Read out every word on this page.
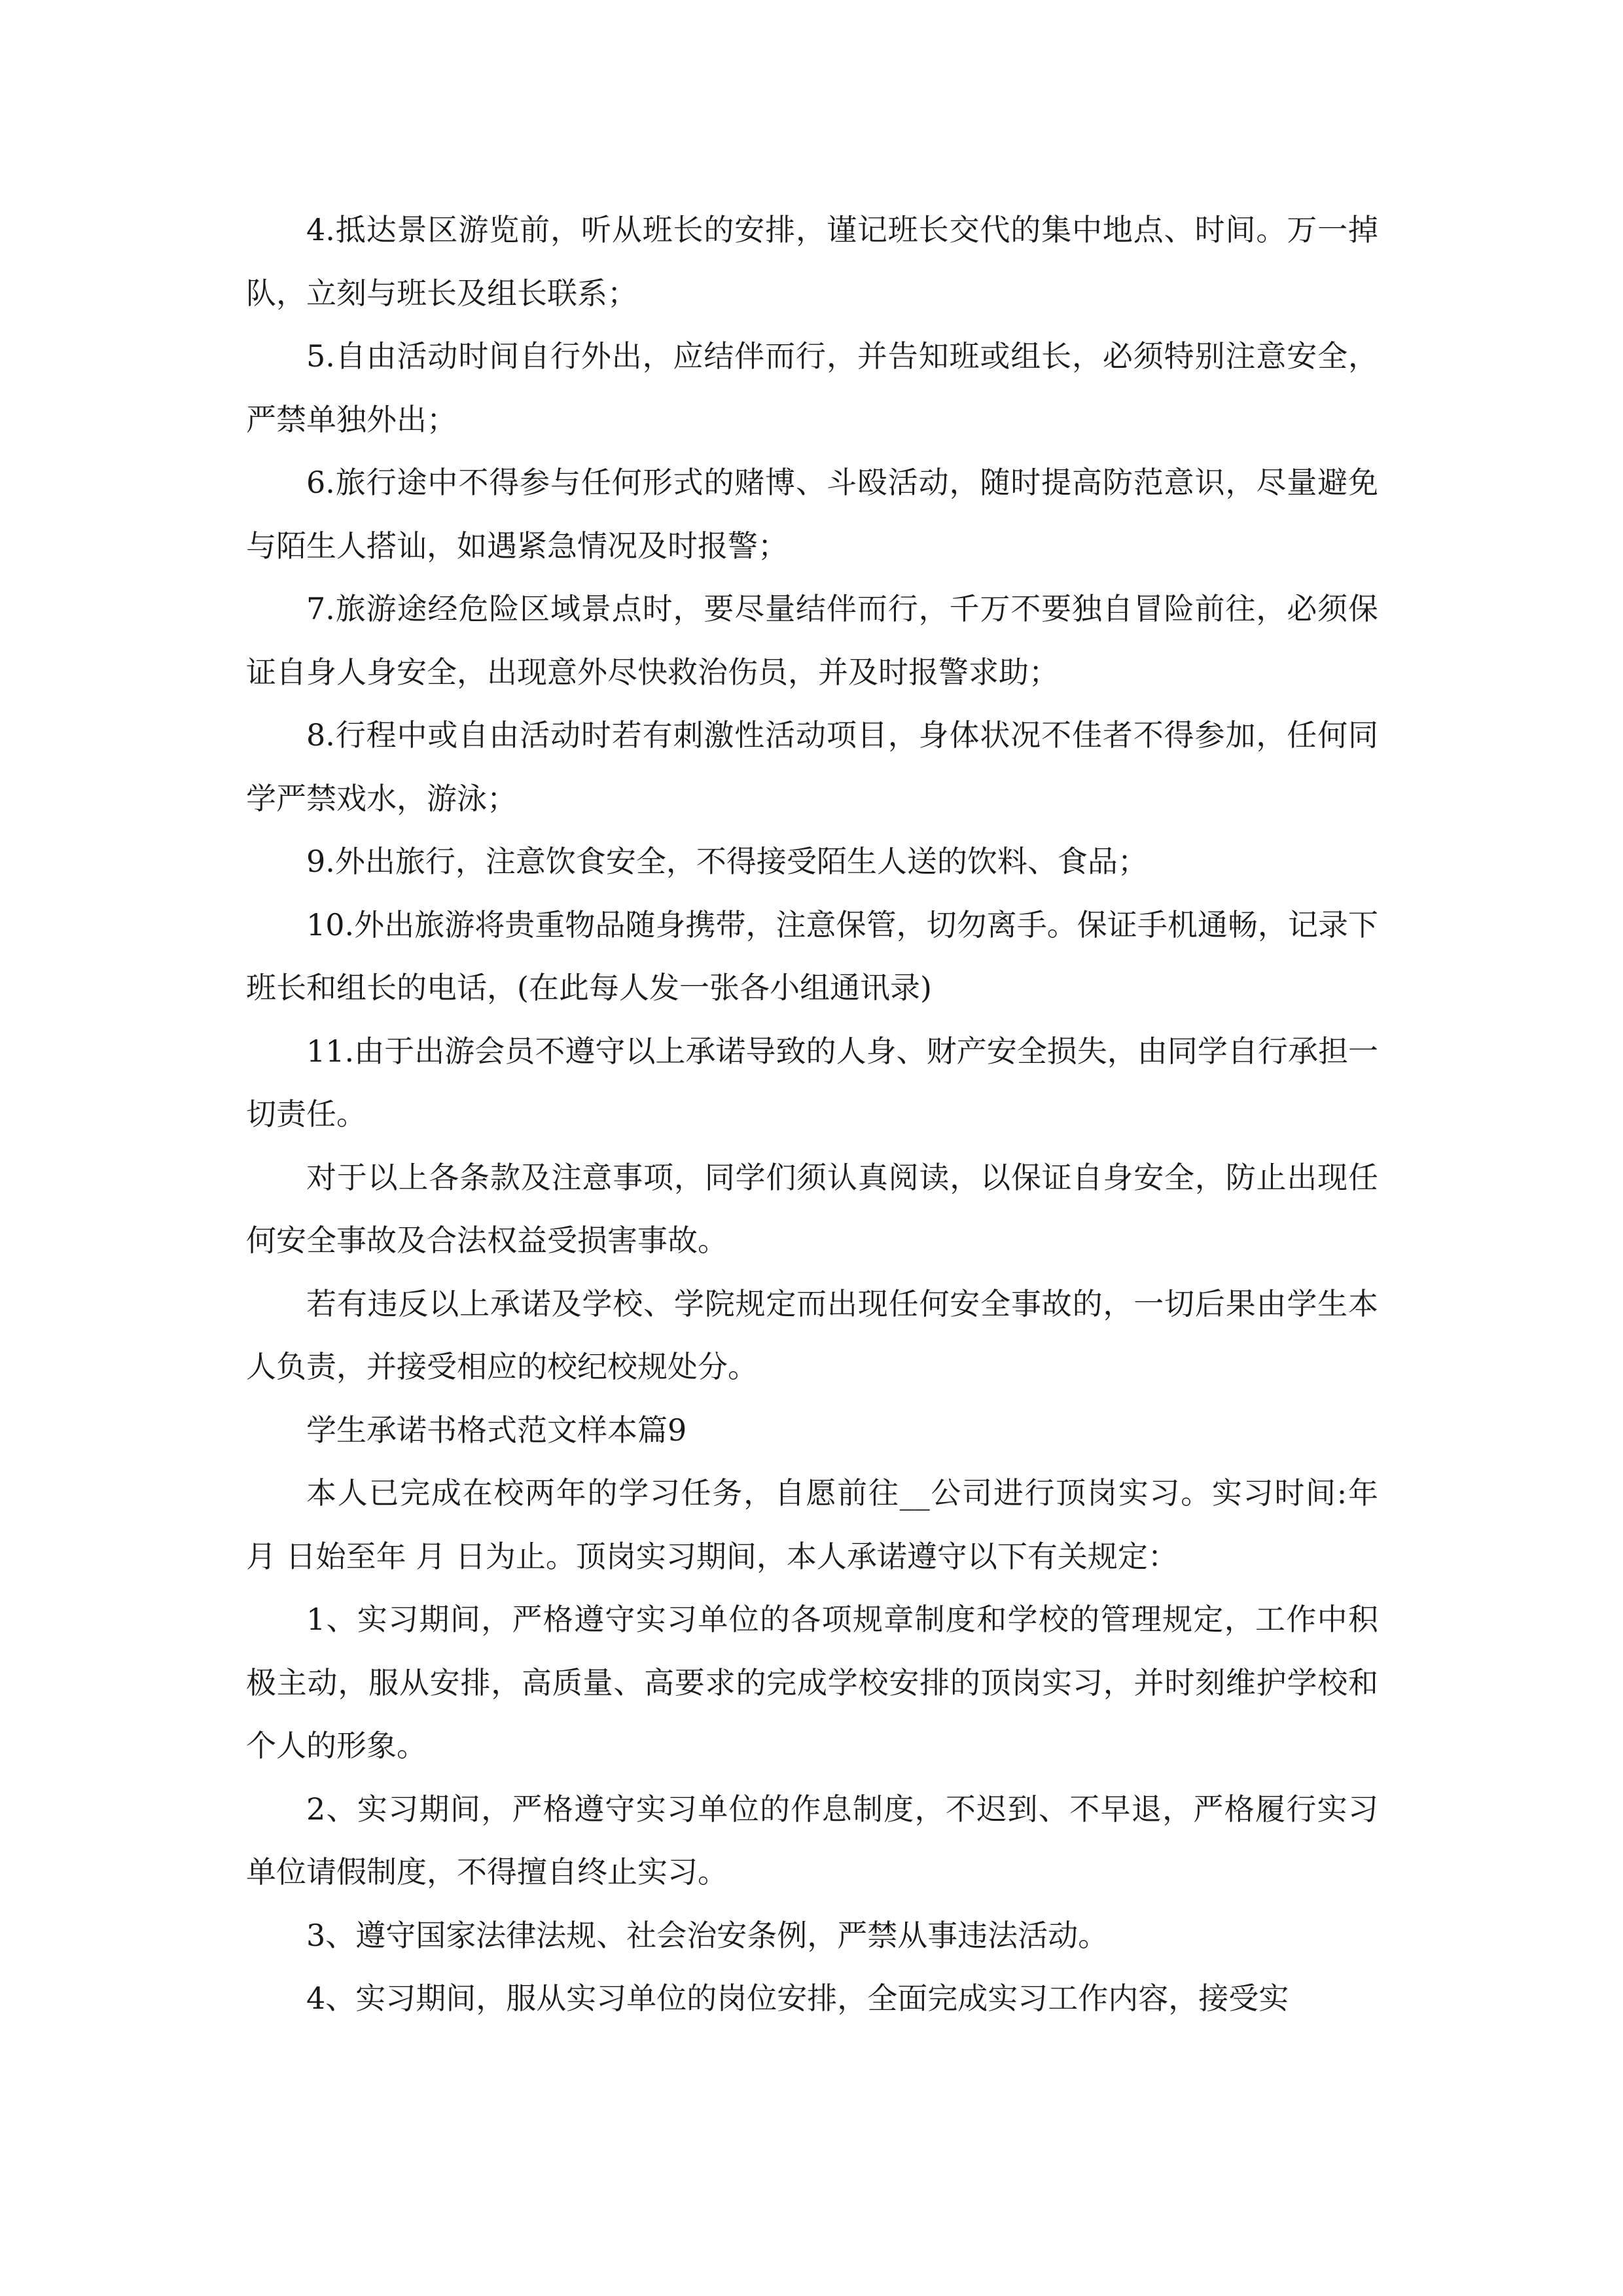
4.抵达景区游览前，听从班长的安排，谨记班长交代的集中地点、时间。万一掉队，立刻与班长及组长联系；

5.自由活动时间自行外出，应结伴而行，并告知班或组长，必须特别注意安全，严禁单独外出；

6.旅行途中不得参与任何形式的赌博、斗殴活动，随时提高防范意识，尽量避免与陌生人搭讪，如遇紧急情况及时报警；

7.旅游途经危险区域景点时，要尽量结伴而行，千万不要独自冒险前往，必须保证自身人身安全，出现意外尽快救治伤员，并及时报警求助；

8.行程中或自由活动时若有刺激性活动项目，身体状况不佳者不得参加，任何同学严禁戏水，游泳；

9.外出旅行，注意饮食安全，不得接受陌生人送的饮料、食品；

10.外出旅游将贵重物品随身携带，注意保管，切勿离手。保证手机通畅，记录下班长和组长的电话，(在此每人发一张各小组通讯录)

11.由于出游会员不遵守以上承诺导致的人身、财产安全损失，由同学自行承担一切责任。

对于以上各条款及注意事项，同学们须认真阅读，以保证自身安全，防止出现任何安全事故及合法权益受损害事故。

若有违反以上承诺及学校、学院规定而出现任何安全事故的，一切后果由学生本人负责，并接受相应的校纪校规处分。

学生承诺书格式范文样本篇9

本人已完成在校两年的学习任务，自愿前往__公司进行顶岗实习。实习时间:年 月 日始至年 月 日为止。顶岗实习期间，本人承诺遵守以下有关规定：

1、实习期间，严格遵守实习单位的各项规章制度和学校的管理规定，工作中积极主动，服从安排，高质量、高要求的完成学校安排的顶岗实习，并时刻维护学校和个人的形象。

2、实习期间，严格遵守实习单位的作息制度，不迟到、不早退，严格履行实习单位请假制度，不得擅自终止实习。

3、遵守国家法律法规、社会治安条例，严禁从事违法活动。

4、实习期间，服从实习单位的岗位安排，全面完成实习工作内容，接受实
